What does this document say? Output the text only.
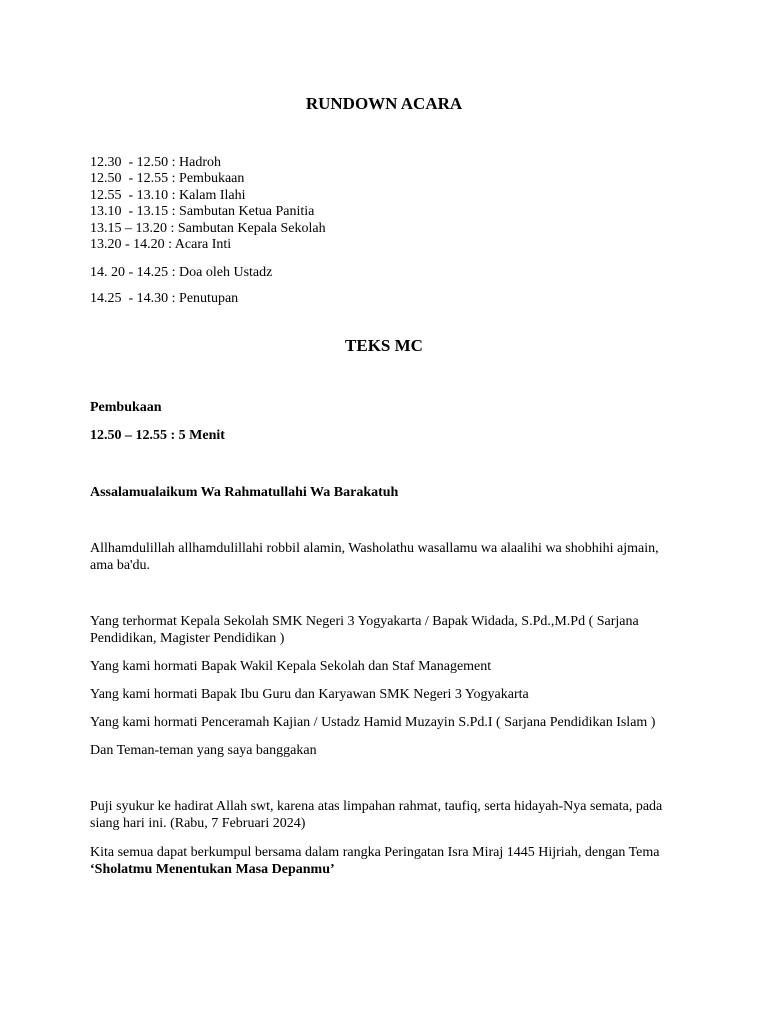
RUNDOWN ACARA
12.30  - 12.50 : Hadroh
12.50  - 12.55 : Pembukaan
12.55  - 13.10 : Kalam Ilahi
13.10  - 13.15 : Sambutan Ketua Panitia
13.15 – 13.20 : Sambutan Kepala Sekolah
13.20 - 14.20 : Acara Inti
14. 20 - 14.25 : Doa oleh Ustadz
14.25  - 14.30 : Penutupan
TEKS MC
Pembukaan
12.50 – 12.55 : 5 Menit
Assalamualaikum Wa Rahmatullahi Wa Barakatuh
Allhamdulillah allhamdulillahi robbil alamin, Washolathu wasallamu wa alaalihi wa shobhihi ajmain, ama ba'du.
Yang terhormat Kepala Sekolah SMK Negeri 3 Yogyakarta / Bapak Widada, S.Pd.,M.Pd ( Sarjana Pendidikan, Magister Pendidikan )
Yang kami hormati Bapak Wakil Kepala Sekolah dan Staf Management
Yang kami hormati Bapak Ibu Guru dan Karyawan SMK Negeri 3 Yogyakarta
Yang kami hormati Penceramah Kajian / Ustadz Hamid Muzayin S.Pd.I ( Sarjana Pendidikan Islam )
Dan Teman-teman yang saya banggakan
Puji syukur ke hadirat Allah swt, karena atas limpahan rahmat, taufiq, serta hidayah-Nya semata, pada siang hari ini. (Rabu, 7 Februari 2024)
Kita semua dapat berkumpul bersama dalam rangka Peringatan Isra Miraj 1445 Hijriah, dengan Tema
‘Sholatmu Menentukan Masa Depanmu’
